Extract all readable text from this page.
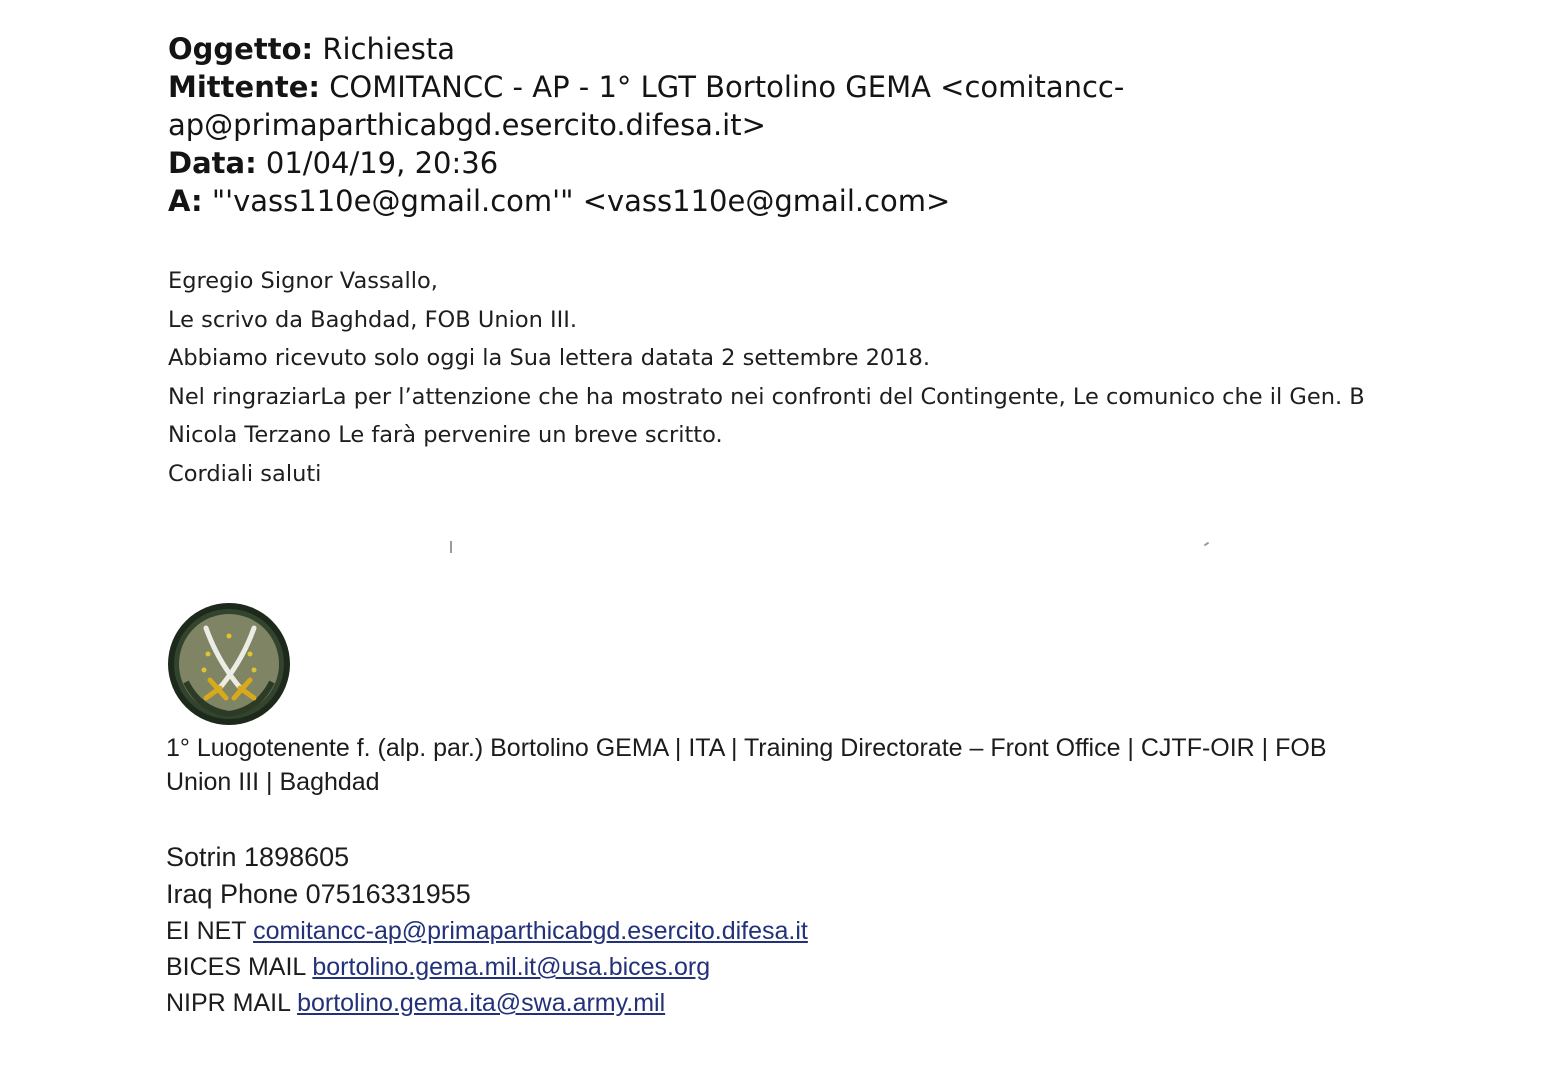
Oggetto: Richiesta
Mittente: COMITANCC - AP - 1° LGT Bortolino GEMA <comitancc-
ap@primaparthicabgd.esercito.difesa.it>
Data: 01/04/19, 20:36
A: "'vass110e@gmail.com'" <vass110e@gmail.com>
Egregio Signor Vassallo,
Le scrivo da Baghdad, FOB Union III.
Abbiamo ricevuto solo oggi la Sua lettera datata 2 settembre 2018.
Nel ringraziarLa per l’attenzione che ha mostrato nei confronti del Contingente, Le comunico che il Gen. B
Nicola Terzano Le farà pervenire un breve scritto.
Cordiali saluti
1° Luogotenente f. (alp. par.) Bortolino GEMA | ITA | Training Directorate – Front Office | CJTF-OIR | FOB
Union III | Baghdad
Sotrin 1898605
Iraq Phone 07516331955
EI NET comitancc-ap@primaparthicabgd.esercito.difesa.it
BICES MAIL bortolino.gema.mil.it@usa.bices.org
NIPR MAIL bortolino.gema.ita@swa.army.mil
